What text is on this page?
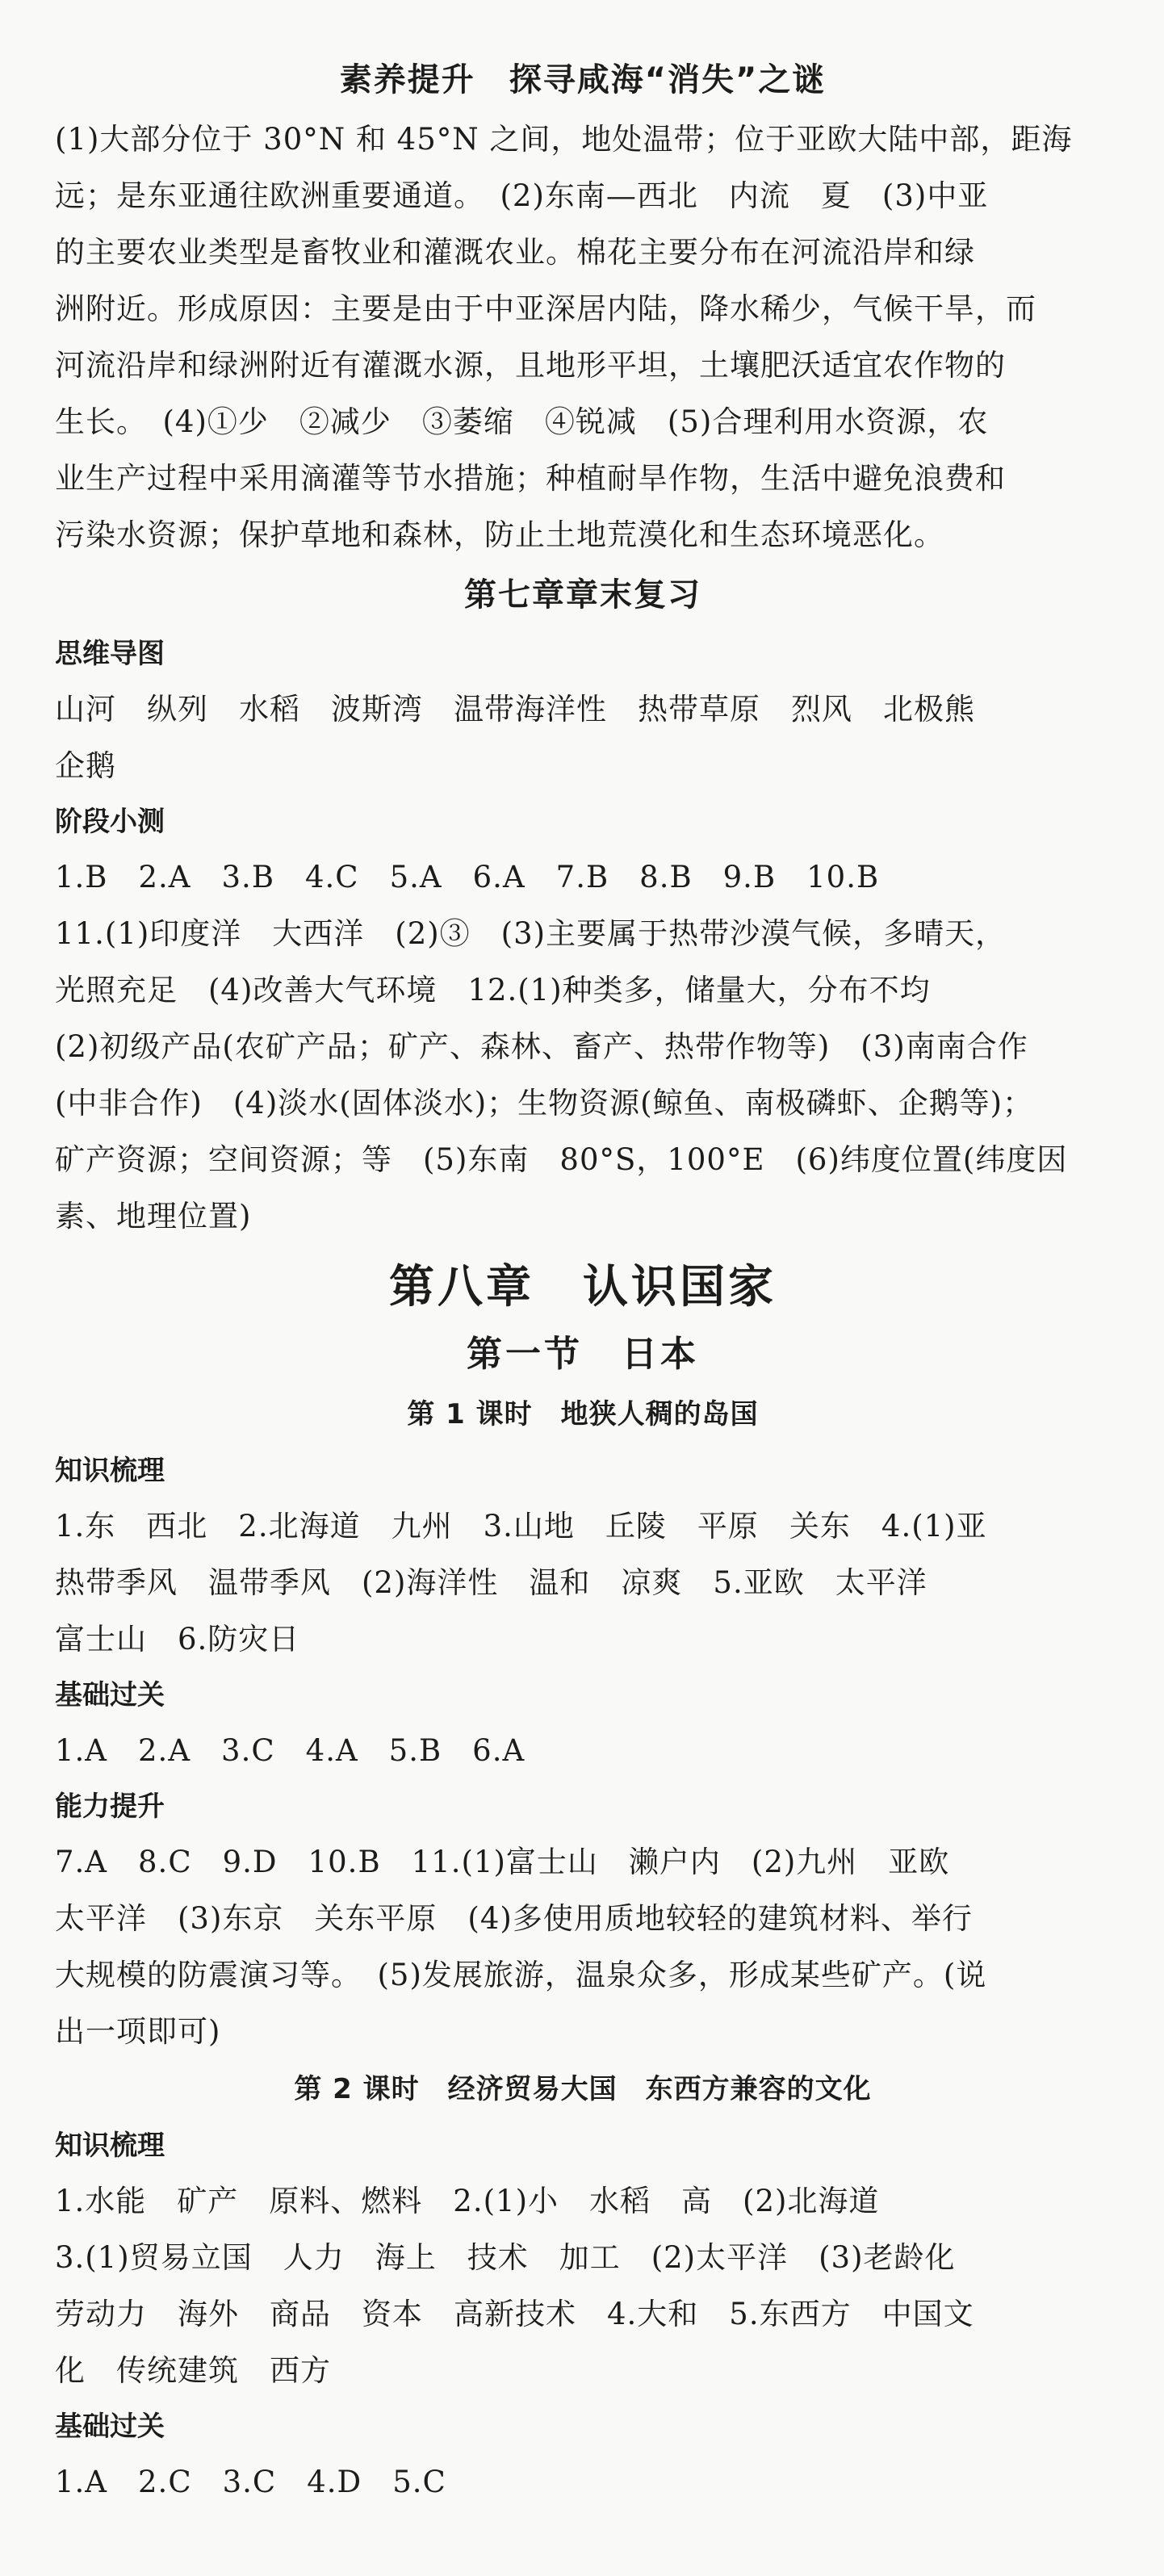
素养提升　探寻咸海“消失”之谜
(1)大部分位于 30°N 和 45°N 之间，地处温带；位于亚欧大陆中部，距海
远；是东亚通往欧洲重要通道。　(2)东南—西北　内流　夏　(3)中亚
的主要农业类型是畜牧业和灌溉农业。棉花主要分布在河流沿岸和绿
洲附近。形成原因：主要是由于中亚深居内陆，降水稀少，气候干旱，而
河流沿岸和绿洲附近有灌溉水源，且地形平坦，土壤肥沃适宜农作物的
生长。　(4)①少　②减少　③萎缩　④锐减　(5)合理利用水资源，农
业生产过程中采用滴灌等节水措施；种植耐旱作物，生活中避免浪费和
污染水资源；保护草地和森林，防止土地荒漠化和生态环境恶化。
第七章章末复习
思维导图
山河　纵列　水稻　波斯湾　温带海洋性　热带草原　烈风　北极熊
企鹅
阶段小测
1.B　2.A　3.B　4.C　5.A　6.A　7.B　8.B　9.B　10.B
11.(1)印度洋　大西洋　(2)③　(3)主要属于热带沙漠气候，多晴天，
光照充足　(4)改善大气环境　12.(1)种类多，储量大，分布不均
(2)初级产品(农矿产品；矿产、森林、畜产、热带作物等)　(3)南南合作
(中非合作)　(4)淡水(固体淡水)；生物资源(鲸鱼、南极磷虾、企鹅等)；
矿产资源；空间资源；等　(5)东南　80°S，100°E　(6)纬度位置(纬度因
素、地理位置)
第八章　认识国家
第一节　日本
第 1 课时　地狭人稠的岛国
知识梳理
1.东　西北　2.北海道　九州　3.山地　丘陵　平原　关东　4.(1)亚
热带季风　温带季风　(2)海洋性　温和　凉爽　5.亚欧　太平洋
富士山　6.防灾日
基础过关
1.A　2.A　3.C　4.A　5.B　6.A
能力提升
7.A　8.C　9.D　10.B　11.(1)富士山　濑户内　(2)九州　亚欧
太平洋　(3)东京　关东平原　(4)多使用质地较轻的建筑材料、举行
大规模的防震演习等。　(5)发展旅游，温泉众多，形成某些矿产。(说
出一项即可)
第 2 课时　经济贸易大国　东西方兼容的文化
知识梳理
1.水能　矿产　原料、燃料　2.(1)小　水稻　高　(2)北海道
3.(1)贸易立国　人力　海上　技术　加工　(2)太平洋　(3)老龄化
劳动力　海外　商品　资本　高新技术　4.大和　5.东西方　中国文
化　传统建筑　西方
基础过关
1.A　2.C　3.C　4.D　5.C
